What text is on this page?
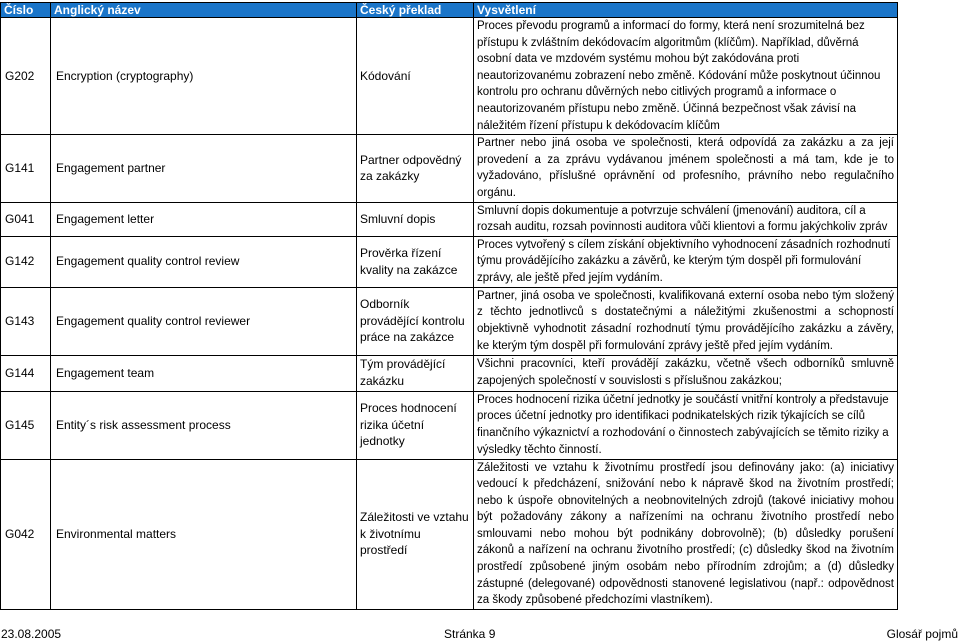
Číslo	Anglický název	Český překlad	Vysvětlení
G202	Encryption (cryptography)	Kódování	Proces převodu programů a informací do formy, která není srozumitelná bez přístupu k zvláštním dekódovacím algoritmům (klíčům). Například, důvěrná osobní data ve mzdovém systému mohou být zakódována proti neautorizovanému zobrazení nebo změně. Kódování může poskytnout účinnou kontrolu pro ochranu důvěrných nebo citlivých programů a informace o neautorizovaném přístupu nebo změně. Účinná bezpečnost však závisí na náležitém řízení přístupu k dekódovacím klíčům
G141	Engagement partner	Partner odpovědný za zakázky	Partner nebo jiná osoba ve společnosti, která odpovídá za zakázku a za její provedení a za zprávu vydávanou jménem společnosti a má tam, kde je to vyžadováno, příslušné oprávnění od profesního, právního nebo regulačního orgánu.
G041	Engagement letter	Smluvní dopis	Smluvní dopis dokumentuje a potvrzuje schválení (jmenování) auditora, cíl a rozsah auditu, rozsah povinnosti auditora vůči klientovi a formu jakýchkoliv zpráv
G142	Engagement quality control review	Prověrka řízení kvality na zakázce	Proces vytvořený s cílem získání objektivního vyhodnocení zásadních rozhodnutí týmu provádějícího zakázku a závěrů, ke kterým tým dospěl při formulování zprávy, ale ještě před jejím vydáním.
G143	Engagement quality control reviewer	Odborník provádějící kontrolu práce na zakázce	Partner, jiná osoba ve společnosti, kvalifikovaná externí osoba nebo tým složený z těchto jednotlivců s dostatečnými a náležitými zkušenostmi a schopností objektivně vyhodnotit zásadní rozhodnutí týmu provádějícího zakázku a závěry, ke kterým tým dospěl při formulování zprávy ještě před jejím vydáním.
G144	Engagement team	Tým provádějící zakázku	Všichni pracovníci, kteří provádějí zakázku, včetně všech odborníků smluvně zapojených společností v souvislosti s příslušnou zakázkou;
G145	Entity´s risk assessment process	Proces hodnocení rizika účetní jednotky	Proces hodnocení rizika účetní jednotky je součástí vnitřní kontroly a představuje proces účetní jednotky pro identifikaci podnikatelských rizik týkajících se cílů finančního výkaznictví a rozhodování o činnostech zabývajících se těmito riziky a výsledky těchto činností.
G042	Environmental matters	Záležitosti ve vztahu k životnímu prostředí	Záležitosti ve vztahu k životnímu prostředí jsou definovány jako: (a) iniciativy vedoucí k předcházení, snižování nebo k nápravě škod na životním prostředí; nebo k úspoře obnovitelných a neobnovitelných zdrojů (takové iniciativy mohou být požadovány zákony a nařízeními na ochranu životního prostředí nebo smlouvami nebo mohou být podnikány dobrovolně); (b) důsledky porušení zákonů a nařízení na ochranu životního prostředí; (c) důsledky škod na životním prostředí způsobené jiným osobám nebo přírodním zdrojům; a (d) důsledky zástupné (delegované) odpovědnosti stanovené legislativou (např.: odpovědnost za škody způsobené předchozími vlastníkem).
23.08.2005	Stránka 9	Glosář pojmů
